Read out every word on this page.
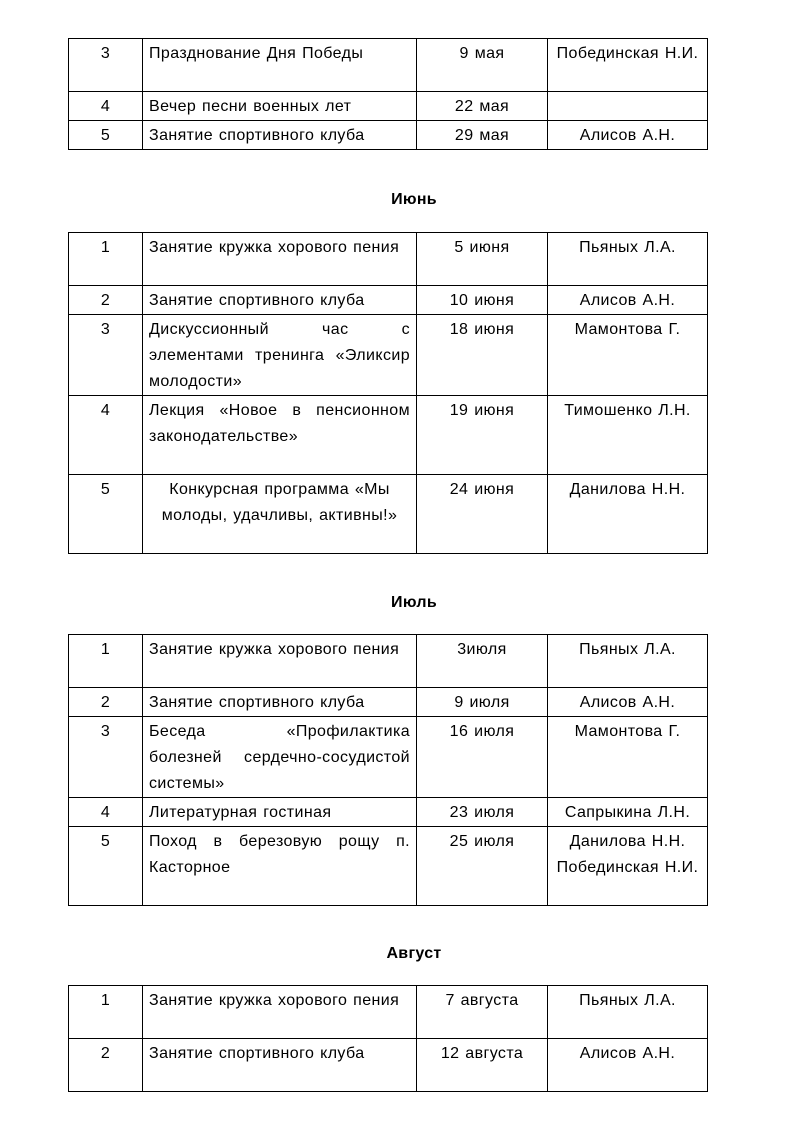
3	Празднование Дня Победы	9 мая	Побединская Н.И.
4	Вечер песни военных лет	22 мая	
5	Занятие спортивного клуба	29 мая	Алисов А.Н.
Июнь
1	Занятие кружка хорового пения	5 июня	Пьяных Л.А.
2	Занятие спортивного клуба	10 июня	Алисов А.Н.
3	Дискуссионный час с элементами тренинга «Эликсир молодости»	18 июня	Мамонтова Г.
4	Лекция «Новое в пенсионном законодательстве»	19 июня	Тимошенко Л.Н.
5	Конкурсная программа «Мы молоды, удачливы, активны!»	24 июня	Данилова Н.Н.
Июль
1	Занятие кружка хорового пения	3июля	Пьяных Л.А.
2	Занятие спортивного клуба	9 июля	Алисов А.Н.
3	Беседа «Профилактика болезней сердечно-сосудистой системы»	16 июля	Мамонтова Г.
4	Литературная гостиная	23 июля	Сапрыкина Л.Н.
5	Поход в березовую рощу п. Касторное	25 июля	Данилова Н.Н. Побединская Н.И.
Август
1	Занятие кружка хорового пения	7 августа	Пьяных Л.А.
2	Занятие спортивного клуба	12 августа	Алисов А.Н.
